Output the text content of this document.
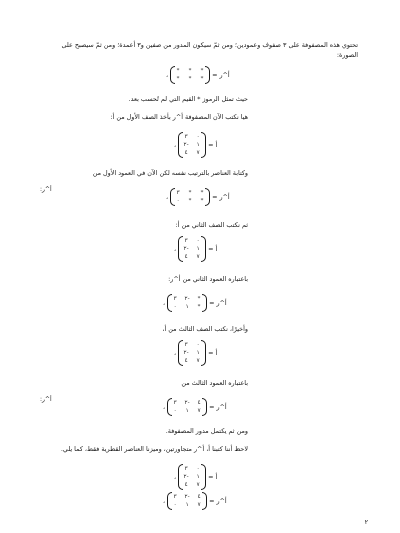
تحتوي هذه المصفوفة على ٣ صفوف وعمودين؛ ومن ثمّ سيكون المدور من صفين و٣ أعمدة؛ ومن ثمّ سيصبح على الصورة:
، * * *
* * * = أ^ر
حيث تمثل الرموز * القيم التي لم تُحسب بعد.
هيا نكتب الآن المصفوفة أ^ر بأخذ الصف الأول من أ:
،
٣ ٠
٢- ١
٤ ٧
= أ
وكتابة العناصر بالترتيب نفسه لكن الآن في العمود الأول من
أ^ر:
، ٣ * *
٠ * * = أ^ر
ثم نكتب الصف الثاني من أ:
،
٣ ٠
٢- ١
٤ ٧
= أ
باعتباره العمود الثاني من أ^ر:
، ٣ ٢- *
٠ ١ * = أ^ر
وأخيرًا، نكتب الصف الثالث من أ،
،
٣ ٠
٢- ١
٤ ٧
= أ
باعتباره العمود الثالث من
أ^ر:
، ٣ ٢- ٤
٠ ١ ٧ = أ^ر
ومن ثم يكتمل مدور المصفوفة.
لاحظ أننا كتبنا أ، أ^ر متجاورتين، وميزنا العناصر القطرية فقط، كما يلي.
،
٣ ٠
٢- ١
٤ ٧
= أ
، ٣ ٢- ٤
٠ ١ ٧ = أ^ر
٢
